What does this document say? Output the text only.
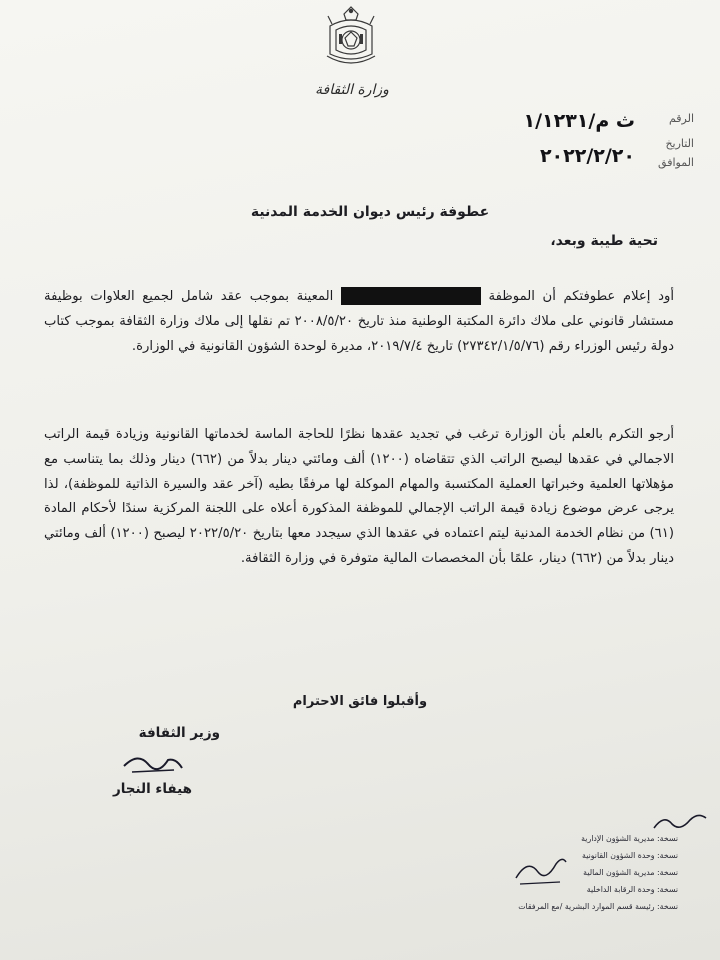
وزارة الثقافة
الرقم
التاريخ
الموافق
ث م/١/١٢٣١
٢٠٢٢/٢/٢٠
عطوفة رئيس ديوان الخدمة المدنية
تحية طيبة وبعد،
أود إعلام عطوفتكم أن الموظفة  المعينة بموجب عقد شامل لجميع العلاوات بوظيفة مستشار قانوني على ملاك دائرة المكتبة الوطنية منذ تاريخ ٢٠٠٨/٥/٢٠ تم نقلها إلى ملاك وزارة الثقافة بموجب كتاب دولة رئيس الوزراء رقم (٢٧٣٤٢/١/٥/٧٦) تاريخ ٢٠١٩/٧/٤، مديرة لوحدة الشؤون القانونية في الوزارة.
أرجو التكرم بالعلم بأن الوزارة ترغب في تجديد عقدها نظرًا للحاجة الماسة لخدماتها القانونية وزيادة قيمة الراتب الاجمالي في عقدها ليصبح الراتب الذي تتقاضاه (١٢٠٠) ألف ومائتي دينار بدلاً من (٦٦٢) دينار وذلك بما يتناسب مع مؤهلاتها العلمية وخبراتها العملية المكتسبة والمهام الموكلة لها مرفقًا بطيه (آخر عقد والسيرة الذاتية للموظفة)، لذا يرجى عرض موضوع زيادة قيمة الراتب الإجمالي للموظفة المذكورة أعلاه على اللجنة المركزية سندًا لأحكام المادة (٦١) من نظام الخدمة المدنية ليتم اعتماده في عقدها الذي سيجدد معها بتاريخ ٢٠٢٢/٥/٢٠ ليصبح (١٢٠٠) ألف ومائتي دينار بدلاً من (٦٦٢) دينار، علمًا بأن المخصصات المالية متوفرة في وزارة الثقافة.
وأقبلوا فائق الاحترام
وزير الثقافة
هيفاء النجار
نسخة: مديرية الشؤون الإدارية
نسخة: وحدة الشؤون القانونية
نسخة: مديرية الشؤون المالية
نسخة: وحدة الرقابة الداخلية
نسخة: رئيسة قسم الموارد البشرية /مع المرفقات
